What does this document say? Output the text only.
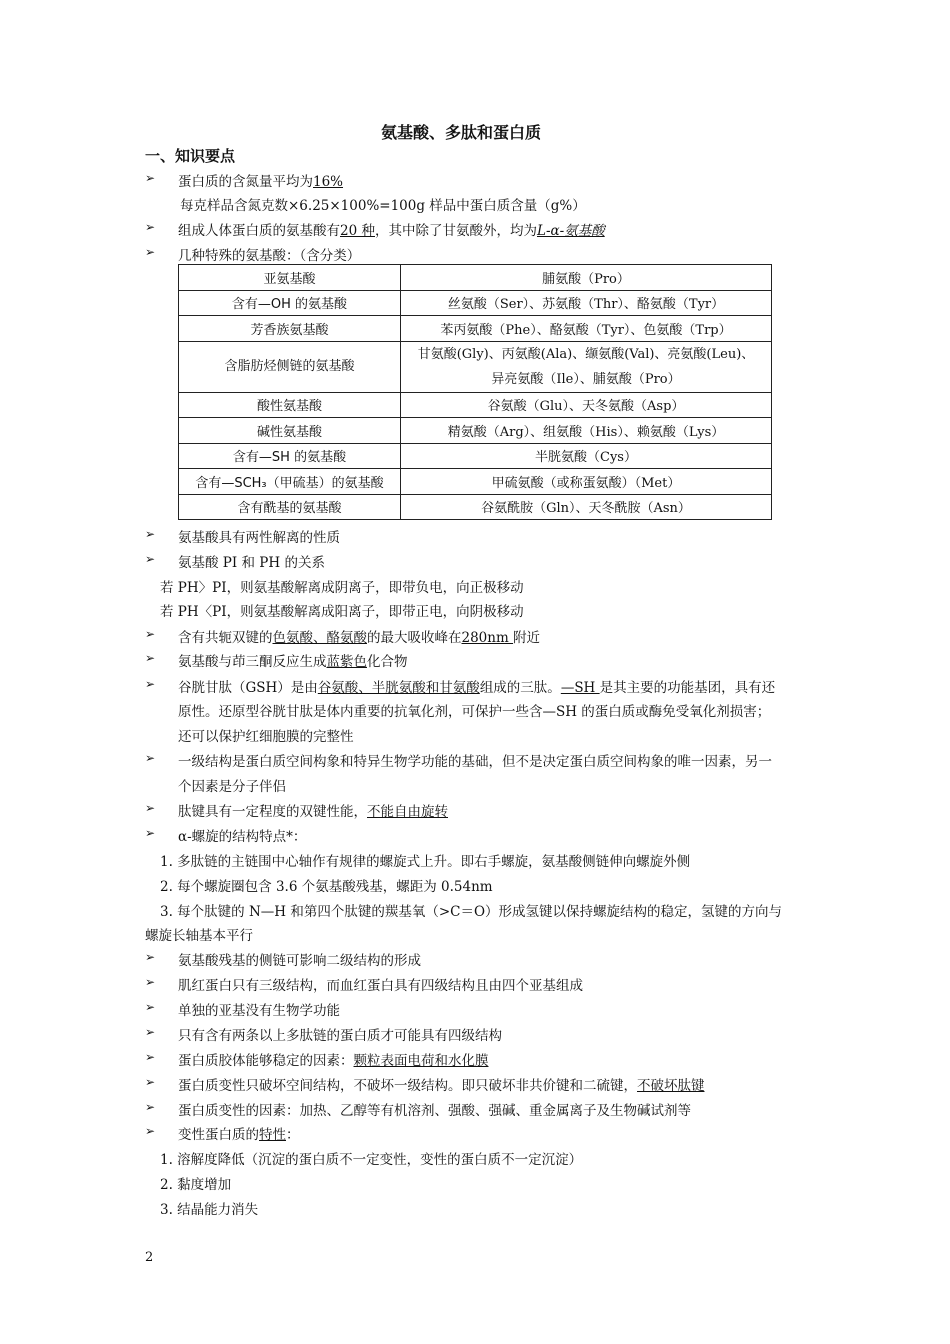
氨基酸、多肽和蛋白质
一、知识要点
➢ 蛋白质的含氮量平均为16%
每克样品含氮克数×6.25×100%=100g 样品中蛋白质含量（g%）
➢ 组成人体蛋白质的氨基酸有20 种，其中除了甘氨酸外，均为L-α-氨基酸
➢ 几种特殊的氨基酸：（含分类）
亚氨基酸	脯氨酸（Pro）
含有—OH 的氨基酸	丝氨酸（Ser）、苏氨酸（Thr）、酪氨酸（Tyr）
芳香族氨基酸	苯丙氨酸（Phe）、酪氨酸（Tyr）、色氨酸（Trp）
含脂肪烃侧链的氨基酸	甘氨酸(Gly)、丙氨酸(Ala)、缬氨酸(Val)、亮氨酸(Leu)、
异亮氨酸（Ile）、脯氨酸（Pro）

酸性氨基酸	谷氨酸（Glu）、天冬氨酸（Asp）
碱性氨基酸	精氨酸（Arg）、组氨酸（His）、赖氨酸（Lys）
含有—SH 的氨基酸	半胱氨酸（Cys）
含有—SCH₃（甲硫基）的氨基酸	甲硫氨酸（或称蛋氨酸）（Met）
含有酰基的氨基酸	谷氨酰胺（Gln）、天冬酰胺（Asn）
➢ 氨基酸具有两性解离的性质
➢ 氨基酸 PI 和 PH 的关系
若 PH〉PI，则氨基酸解离成阴离子，即带负电，向正极移动
若 PH〈PI，则氨基酸解离成阳离子，即带正电，向阴极移动
➢ 含有共轭双键的色氨酸、酪氨酸的最大吸收峰在280nm 附近
➢ 氨基酸与茚三酮反应生成蓝紫色化合物
➢ 谷胱甘肽（GSH）是由谷氨酸、半胱氨酸和甘氨酸组成的三肽。—SH 是其主要的功能基团，具有还
原性。还原型谷胱甘肽是体内重要的抗氧化剂，可保护一些含—SH 的蛋白质或酶免受氧化剂损害；
还可以保护红细胞膜的完整性
➢ 一级结构是蛋白质空间构象和特异生物学功能的基础，但不是决定蛋白质空间构象的唯一因素，另一
个因素是分子伴侣
➢ 肽键具有一定程度的双键性能，不能自由旋转
➢ α-螺旋的结构特点*：
1. 多肽链的主链围中心轴作有规律的螺旋式上升。即右手螺旋，氨基酸侧链伸向螺旋外侧
2. 每个螺旋圈包含 3.6 个氨基酸残基，螺距为 0.54nm
3. 每个肽键的 N—H 和第四个肽键的羰基氧（>C＝O）形成氢键以保持螺旋结构的稳定，氢键的方向与
螺旋长轴基本平行
➢ 氨基酸残基的侧链可影响二级结构的形成
➢ 肌红蛋白只有三级结构，而血红蛋白具有四级结构且由四个亚基组成
➢ 单独的亚基没有生物学功能
➢ 只有含有两条以上多肽链的蛋白质才可能具有四级结构
➢ 蛋白质胶体能够稳定的因素：颗粒表面电荷和水化膜
➢ 蛋白质变性只破坏空间结构，不破坏一级结构。即只破坏非共价键和二硫键，不破坏肽键
➢ 蛋白质变性的因素：加热、乙醇等有机溶剂、强酸、强碱、重金属离子及生物碱试剂等
➢ 变性蛋白质的特性：
1. 溶解度降低（沉淀的蛋白质不一定变性，变性的蛋白质不一定沉淀）
2. 黏度增加
3. 结晶能力消失
2
